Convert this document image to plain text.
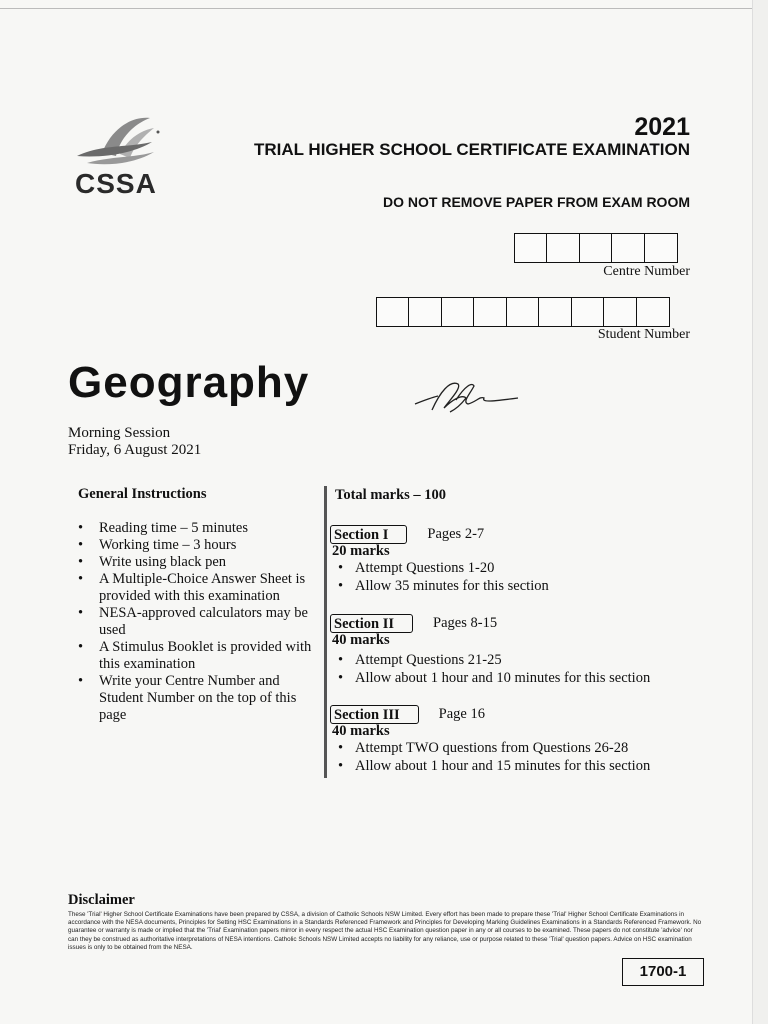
CSSA
2021
TRIAL HIGHER SCHOOL CERTIFICATE EXAMINATION
DO NOT REMOVE PAPER FROM EXAM ROOM
Centre Number
Student Number
Geography
Morning Session
Friday, 6 August 2021
General Instructions
• Reading time – 5 minutes
• Working time – 3 hours
• Write using black pen
• A Multiple-Choice Answer Sheet is provided with this examination
• NESA-approved calculators may be used
• A Stimulus Booklet is provided with this examination
• Write your Centre Number and Student Number on the top of this page
Total marks – 100
Section I	Pages 2-7
20 marks
• Attempt Questions 1-20
• Allow 35 minutes for this section
Section II	Pages 8-15
40 marks
• Attempt Questions 21-25
• Allow about 1 hour and 10 minutes for this section
Section III	Page 16
40 marks
• Attempt TWO questions from Questions 26-28
• Allow about 1 hour and 15 minutes for this section
Disclaimer
These 'Trial' Higher School Certificate Examinations have been prepared by CSSA, a division of Catholic Schools NSW Limited. Every effort has been made to prepare these 'Trial' Higher School Certificate Examinations in accordance with the NESA documents, Principles for Setting HSC Examinations in a Standards Referenced Framework and Principles for Developing Marking Guidelines Examinations in a Standards Referenced Framework. No guarantee or warranty is made or implied that the 'Trial' Examination papers mirror in every respect the actual HSC Examination question paper in any or all courses to be examined. These papers do not constitute 'advice' nor can they be construed as authoritative interpretations of NESA intentions. Catholic Schools NSW Limited accepts no liability for any reliance, use or purpose related to these 'Trial' question papers. Advice on HSC examination issues is only to be obtained from the NESA.
1700-1
